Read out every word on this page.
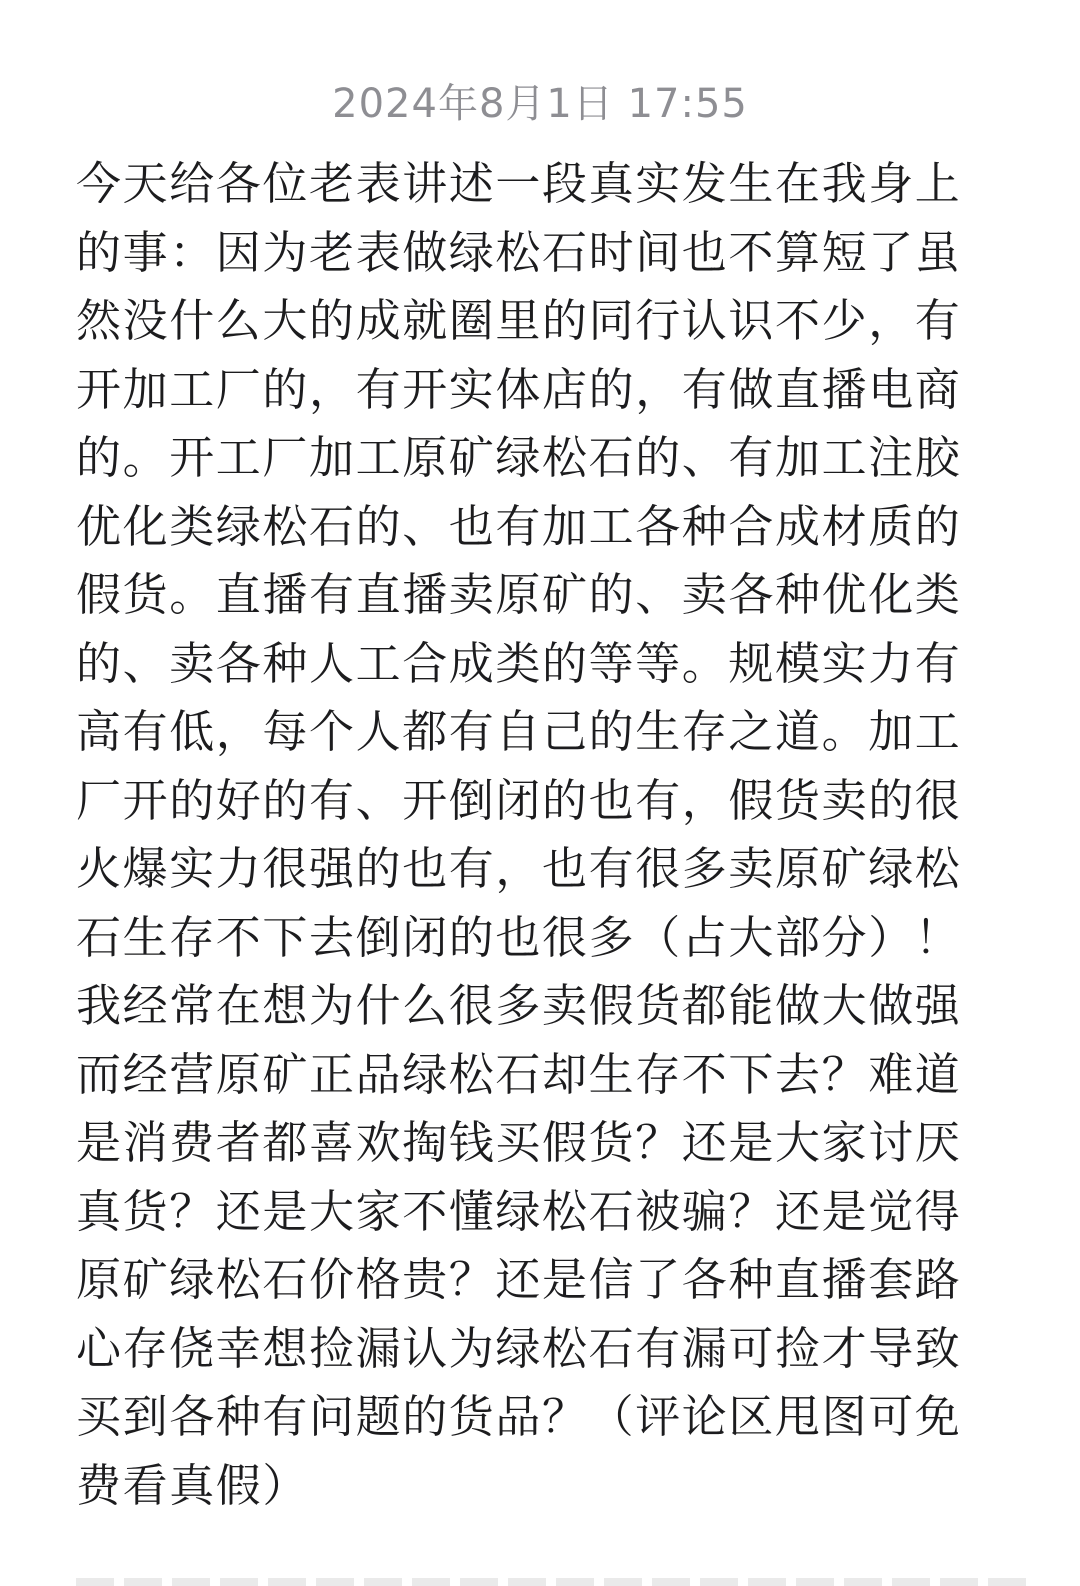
2024年8月1日 17:55
今天给各位老表讲述一段真实发生在我身上
的事：因为老表做绿松石时间也不算短了虽
然没什么大的成就圈里的同行认识不少，有
开加工厂的，有开实体店的，有做直播电商
的。开工厂加工原矿绿松石的、有加工注胶
优化类绿松石的、也有加工各种合成材质的
假货。直播有直播卖原矿的、卖各种优化类
的、卖各种人工合成类的等等。规模实力有
高有低，每个人都有自己的生存之道。加工
厂开的好的有、开倒闭的也有，假货卖的很
火爆实力很强的也有，也有很多卖原矿绿松
石生存不下去倒闭的也很多（占大部分）！
我经常在想为什么很多卖假货都能做大做强
而经营原矿正品绿松石却生存不下去？难道
是消费者都喜欢掏钱买假货？还是大家讨厌
真货？还是大家不懂绿松石被骗？还是觉得
原矿绿松石价格贵？还是信了各种直播套路
心存侥幸想捡漏认为绿松石有漏可捡才导致
买到各种有问题的货品？（评论区甩图可免
费看真假）
